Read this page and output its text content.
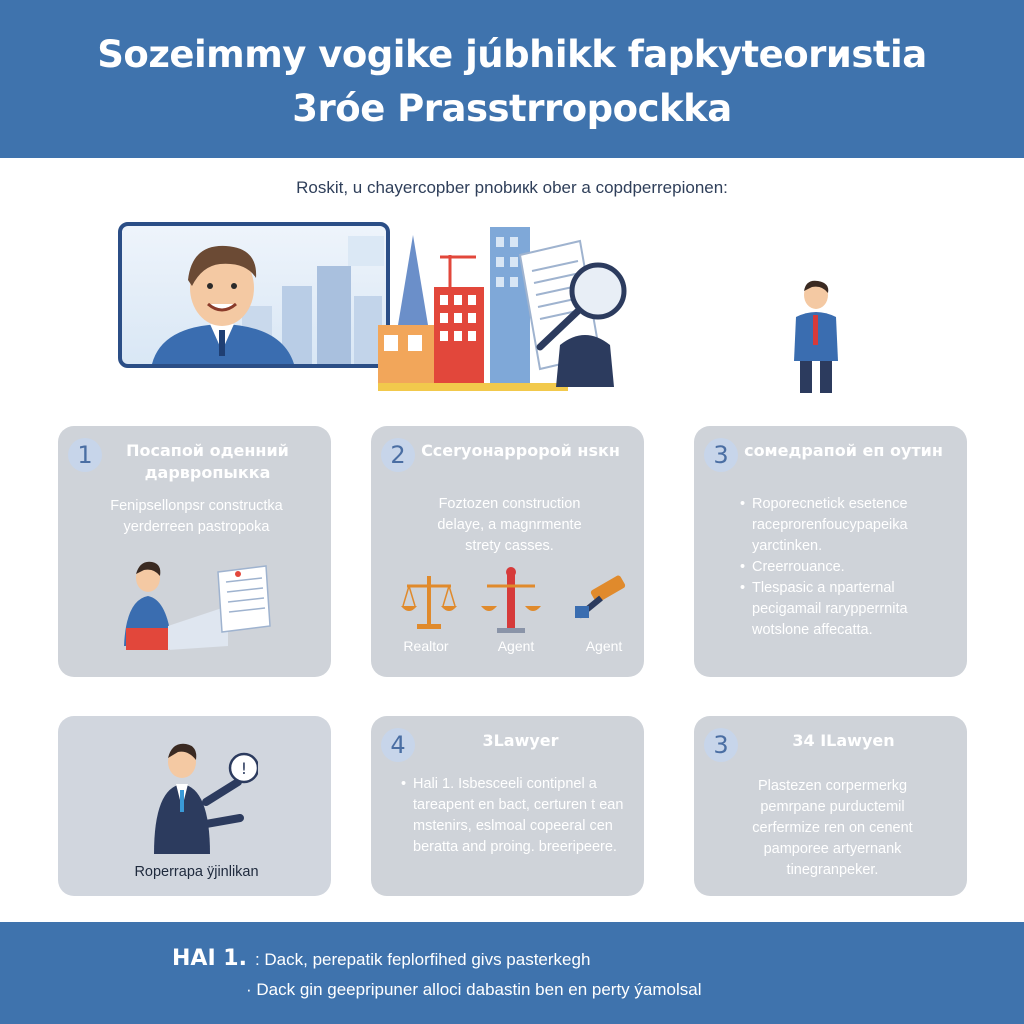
Sozeimmy vogike júbhikk fapkyteorиstia
3róe Prasstrropockka
Roskit, u chayercopber pnobикk ober a copdperrepionen:
1	Посапой оденний дарвропыкка
Fenipsellonpsr constructka
yerderreen pastropoka
2 Ссеryонарророй нsкн
Foztozen construction
delaye, a magnrmente
strety casses.
Realtor	Agent	Agent
3 сомедрапой еп оутин
• Roporecnetick esetence raceprorenfoucypapeika yarctinken.
• Creerrouance.
• Tlespasic a nparternal pecigamail rarypperrnita wotslone affecatta.
!
Roperrapa ÿjinlikan
4	3Lawyer
• Hali 1. Isbesceeli contipnel a tareapent en bact, certuren t ean mstenirs, eslmoal copeeral cen beratta and proing. breeripeere.
3	34 ILawyen
Plastezen corpermerkg
pemrpane purductemil
cerfermize ren on cenent
pamporee artyernank
tinegranpeker.
HAI 1. : Dack, perepatik feplorfihed givs pasterkegh
· Dack gin geepripuner alloci dabastin ben en perty ýamolsal
